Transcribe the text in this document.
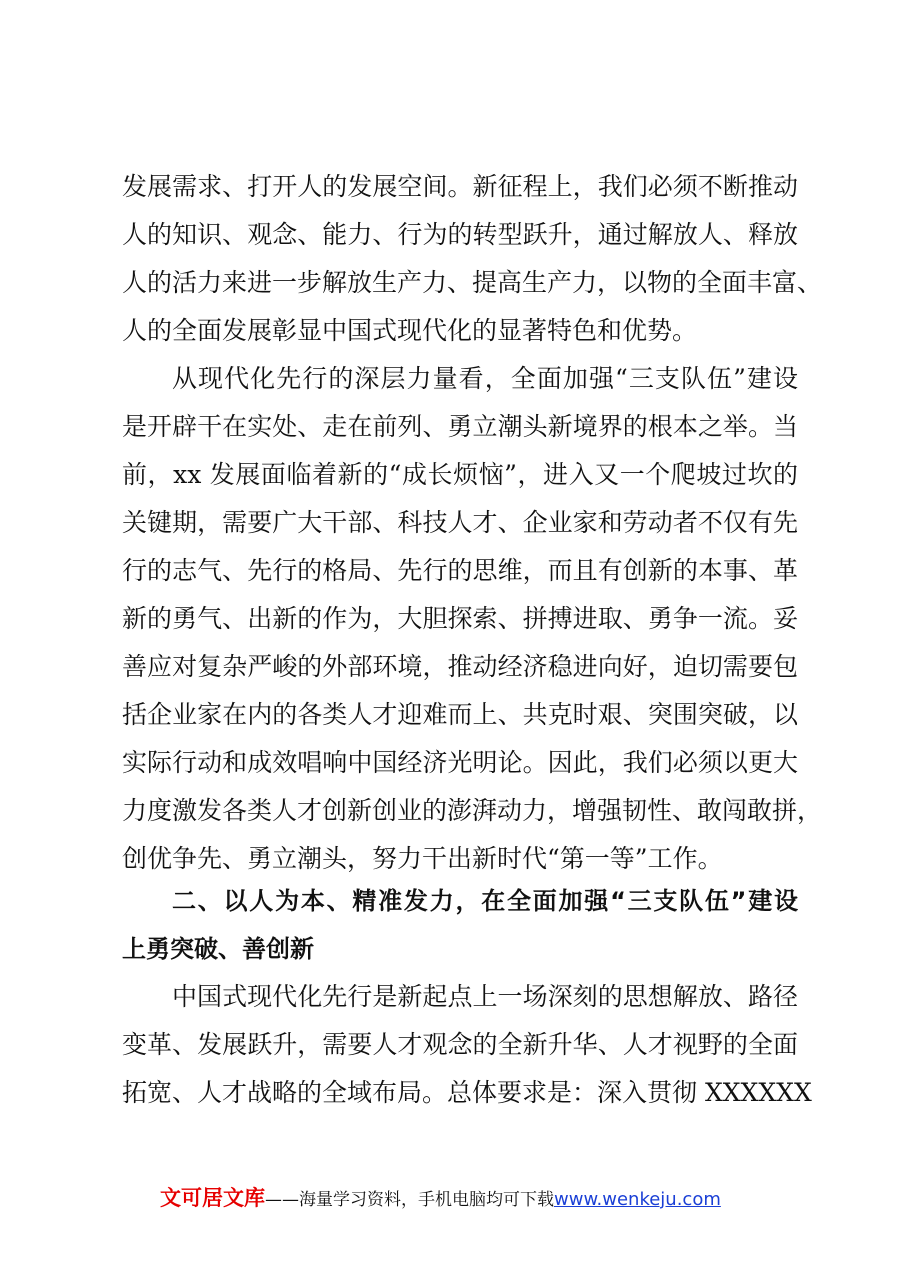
发展需求、打开人的发展空间。新征程上，我们必须不断推动
人的知识、观念、能力、行为的转型跃升，通过解放人、释放
人的活力来进一步解放生产力、提高生产力，以物的全面丰富、
人的全面发展彰显中国式现代化的显著特色和优势。
从现代化先行的深层力量看，全面加强“三支队伍”建设
是开辟干在实处、走在前列、勇立潮头新境界的根本之举。当
前，xx 发展面临着新的“成长烦恼”，进入又一个爬坡过坎的
关键期，需要广大干部、科技人才、企业家和劳动者不仅有先
行的志气、先行的格局、先行的思维，而且有创新的本事、革
新的勇气、出新的作为，大胆探索、拼搏进取、勇争一流。妥
善应对复杂严峻的外部环境，推动经济稳进向好，迫切需要包
括企业家在内的各类人才迎难而上、共克时艰、突围突破，以
实际行动和成效唱响中国经济光明论。因此，我们必须以更大
力度激发各类人才创新创业的澎湃动力，增强韧性、敢闯敢拼，
创优争先、勇立潮头，努力干出新时代“第一等”工作。
二、以人为本、精准发力，在全面加强“三支队伍”建设
上勇突破、善创新
中国式现代化先行是新起点上一场深刻的思想解放、路径
变革、发展跃升，需要人才观念的全新升华、人才视野的全面
拓宽、人才战略的全域布局。总体要求是：深入贯彻 XXXXXX
文可居文库——海量学习资料，手机电脑均可下载www.wenkeju.com
